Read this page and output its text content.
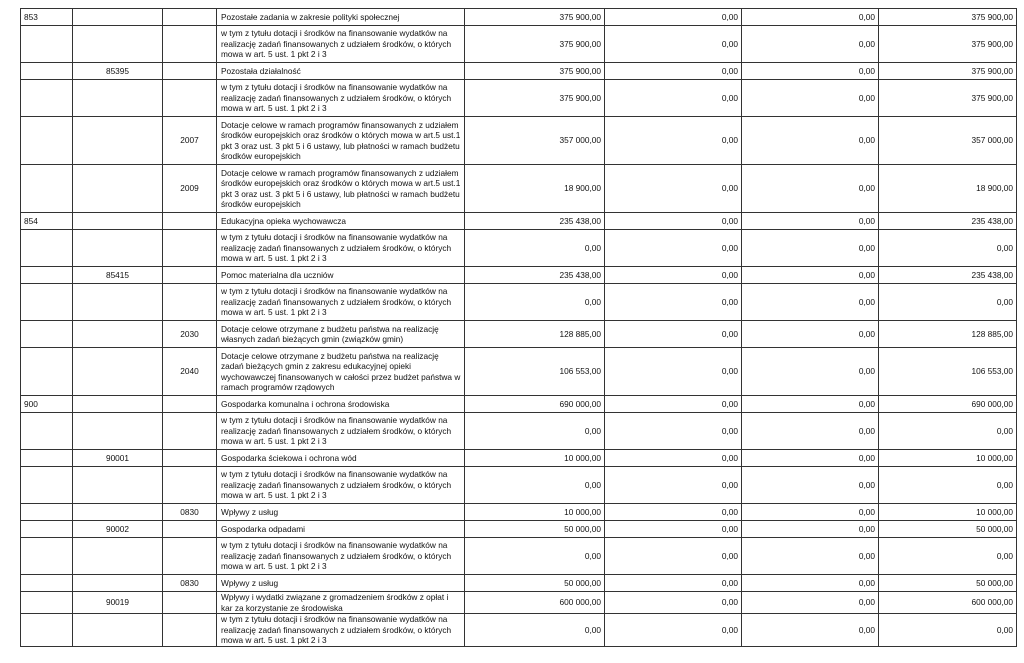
853			Pozostałe zadania w zakresie polityki społecznej	375 900,00	0,00	0,00	375 900,00
			w tym z tytułu dotacji i środków na finansowanie wydatków na realizację zadań finansowanych z udziałem środków, o których mowa w art. 5 ust. 1 pkt 2 i 3	375 900,00	0,00	0,00	375 900,00
	85395		Pozostała działalność	375 900,00	0,00	0,00	375 900,00
			w tym z tytułu dotacji i środków na finansowanie wydatków na realizację zadań finansowanych z udziałem środków, o których mowa w art. 5 ust. 1 pkt 2 i 3	375 900,00	0,00	0,00	375 900,00
		2007	Dotacje celowe w ramach programów finansowanych z udziałem środków europejskich oraz środków o których mowa w art.5 ust.1 pkt 3 oraz ust. 3 pkt 5 i 6 ustawy, lub płatności w ramach budżetu środków europejskich	357 000,00	0,00	0,00	357 000,00
		2009	Dotacje celowe w ramach programów finansowanych z udziałem środków europejskich oraz środków o których mowa w art.5 ust.1 pkt 3 oraz ust. 3 pkt 5 i 6 ustawy, lub płatności w ramach budżetu środków europejskich	18 900,00	0,00	0,00	18 900,00
854			Edukacyjna opieka wychowawcza	235 438,00	0,00	0,00	235 438,00
			w tym z tytułu dotacji i środków na finansowanie wydatków na realizację zadań finansowanych z udziałem środków, o których mowa w art. 5 ust. 1 pkt 2 i 3	0,00	0,00	0,00	0,00
	85415		Pomoc materialna dla uczniów	235 438,00	0,00	0,00	235 438,00
			w tym z tytułu dotacji i środków na finansowanie wydatków na realizację zadań finansowanych z udziałem środków, o których mowa w art. 5 ust. 1 pkt 2 i 3	0,00	0,00	0,00	0,00
		2030	Dotacje celowe otrzymane z budżetu państwa na realizację własnych zadań bieżących gmin (związków gmin)	128 885,00	0,00	0,00	128 885,00
		2040	Dotacje celowe otrzymane z budżetu państwa na realizację zadań bieżących gmin z zakresu edukacyjnej opieki wychowawczej finansowanych w całości przez budżet państwa w ramach programów rządowych	106 553,00	0,00	0,00	106 553,00
900			Gospodarka komunalna i ochrona środowiska	690 000,00	0,00	0,00	690 000,00
			w tym z tytułu dotacji i środków na finansowanie wydatków na realizację zadań finansowanych z udziałem środków, o których mowa w art. 5 ust. 1 pkt 2 i 3	0,00	0,00	0,00	0,00
	90001		Gospodarka ściekowa i ochrona wód	10 000,00	0,00	0,00	10 000,00
			w tym z tytułu dotacji i środków na finansowanie wydatków na realizację zadań finansowanych z udziałem środków, o których mowa w art. 5 ust. 1 pkt 2 i 3	0,00	0,00	0,00	0,00
		0830	Wpływy z usług	10 000,00	0,00	0,00	10 000,00
	90002		Gospodarka odpadami	50 000,00	0,00	0,00	50 000,00
			w tym z tytułu dotacji i środków na finansowanie wydatków na realizację zadań finansowanych z udziałem środków, o których mowa w art. 5 ust. 1 pkt 2 i 3	0,00	0,00	0,00	0,00
		0830	Wpływy z usług	50 000,00	0,00	0,00	50 000,00
	90019		Wpływy i wydatki związane z gromadzeniem środków z opłat i kar za korzystanie ze środowiska	600 000,00	0,00	0,00	600 000,00
			w tym z tytułu dotacji i środków na finansowanie wydatków na realizację zadań finansowanych z udziałem środków, o których mowa w art. 5 ust. 1 pkt 2 i 3	0,00	0,00	0,00	0,00
